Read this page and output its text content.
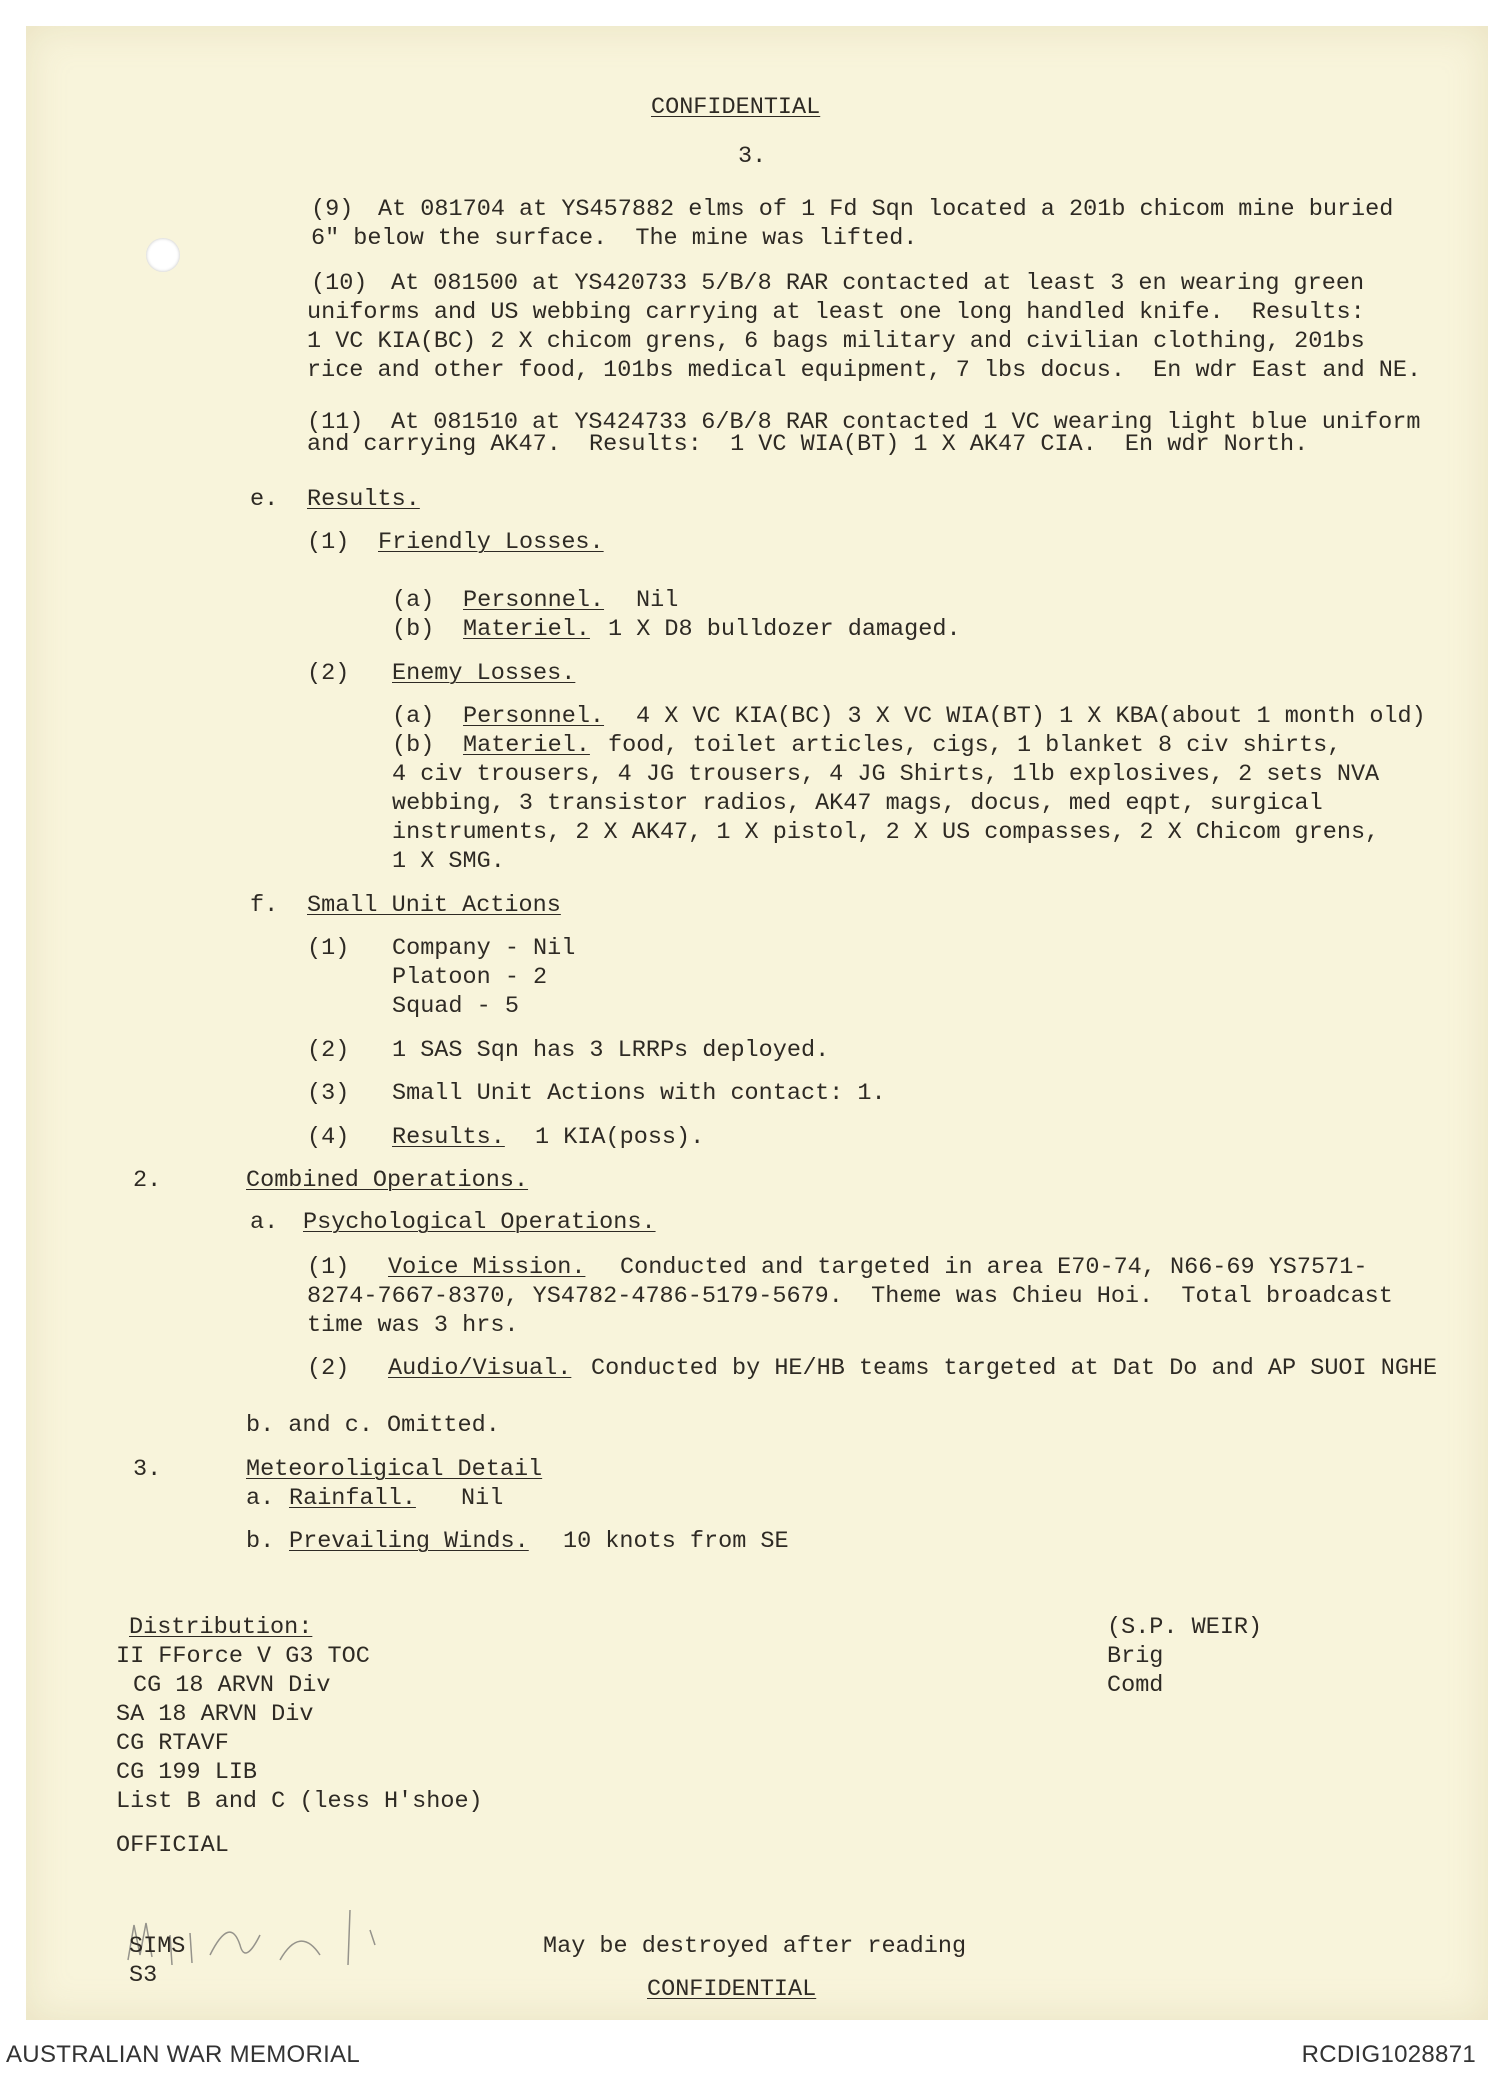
CONFIDENTIAL
3.
(9) At 081704 at YS457882 elms of 1 Fd Sqn located a 201b chicom mine buried
6" below the surface.  The mine was lifted.
(10) At 081500 at YS420733 5/B/8 RAR contacted at least 3 en wearing green
uniforms and US webbing carrying at least one long handled knife.  Results:
1 VC KIA(BC) 2 X chicom grens, 6 bags military and civilian clothing, 201bs
rice and other food, 101bs medical equipment, 7 lbs docus.  En wdr East and NE.
(11) At 081510 at YS424733 6/B/8 RAR contacted 1 VC wearing light blue uniform
and carrying AK47.  Results:  1 VC WIA(BT) 1 X AK47 CIA.  En wdr North.
e. Results.
(1) Friendly Losses.
(a) Personnel. Nil
(b) Materiel. 1 X D8 bulldozer damaged.
(2) Enemy Losses.
(a) Personnel. 4 X VC KIA(BC) 3 X VC WIA(BT) 1 X KBA(about 1 month old)
(b) Materiel. food, toilet articles, cigs, 1 blanket 8 civ shirts,
4 civ trousers, 4 JG trousers, 4 JG Shirts, 1lb explosives, 2 sets NVA
webbing, 3 transistor radios, AK47 mags, docus, med eqpt, surgical
instruments, 2 X AK47, 1 X pistol, 2 X US compasses, 2 X Chicom grens,
1 X SMG.
f. Small Unit Actions
(1) Company - Nil
Platoon - 2
Squad - 5
(2) 1 SAS Sqn has 3 LRRPs deployed.
(3) Small Unit Actions with contact: 1.
(4) Results. 1 KIA(poss).
2.	Combined Operations.
a. Psychological Operations.
(1) Voice Mission. Conducted and targeted in area E70-74, N66-69 YS7571-
8274-7667-8370, YS4782-4786-5179-5679.  Theme was Chieu Hoi.  Total broadcast
time was 3 hrs.
(2) Audio/Visual. Conducted by HE/HB teams targeted at Dat Do and AP SUOI NGHE
b. and c. Omitted.
3.	Meteoroligical Detail
a. Rainfall. Nil
b. Prevailing Winds. 10 knots from SE
Distribution:
II FForce V G3 TOC
CG 18 ARVN Div
SA 18 ARVN Div
CG RTAVF
CG 199 LIB
List B and C (less H'shoe)
OFFICIAL
SIMS
S3
(S.P. WEIR)
Brig
Comd
May be destroyed after reading
CONFIDENTIAL
AUSTRALIAN WAR MEMORIAL	RCDIG1028871
